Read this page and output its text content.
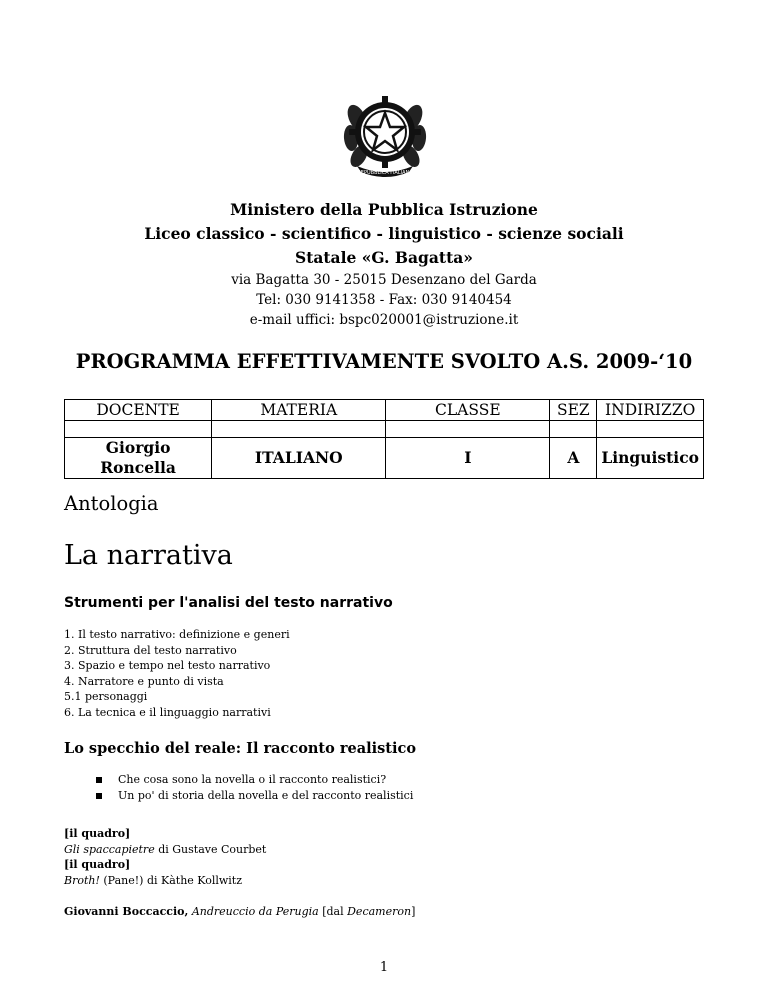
REPUBBLICA ITALIANA
Ministero della Pubblica Istruzione
Liceo classico - scientifico - linguistico - scienze sociali
Statale «G. Bagatta»
via Bagatta 30 - 25015 Desenzano del Garda
Tel: 030 9141358 - Fax: 030 9140454
e-mail uffici: bspc020001@istruzione.it
PROGRAMMA EFFETTIVAMENTE SVOLTO A.S. 2009-‘10
DOCENTE	MATERIA	CLASSE	SEZ	INDIRIZZO

Giorgio Roncella	ITALIANO	I	A	Linguistico
Antologia
La narrativa
Strumenti per l'analisi del testo narrativo
1. Il testo narrativo: definizione e generi
2. Struttura del testo narrativo
3. Spazio e tempo nel testo narrativo
4. Narratore e punto di vista
5.1 personaggi
6. La tecnica e il linguaggio narrativi
Lo specchio del reale: Il racconto realistico
Che cosa sono la novella o il racconto realistici?
Un po' di storia della novella e del racconto realistici
[il quadro]
Gli spaccapietre di Gustave Courbet
[il quadro]
Broth! (Pane!) di Kàthe Kollwitz
Giovanni Boccaccio, Andreuccio da Perugia [dal Decameron]
1
